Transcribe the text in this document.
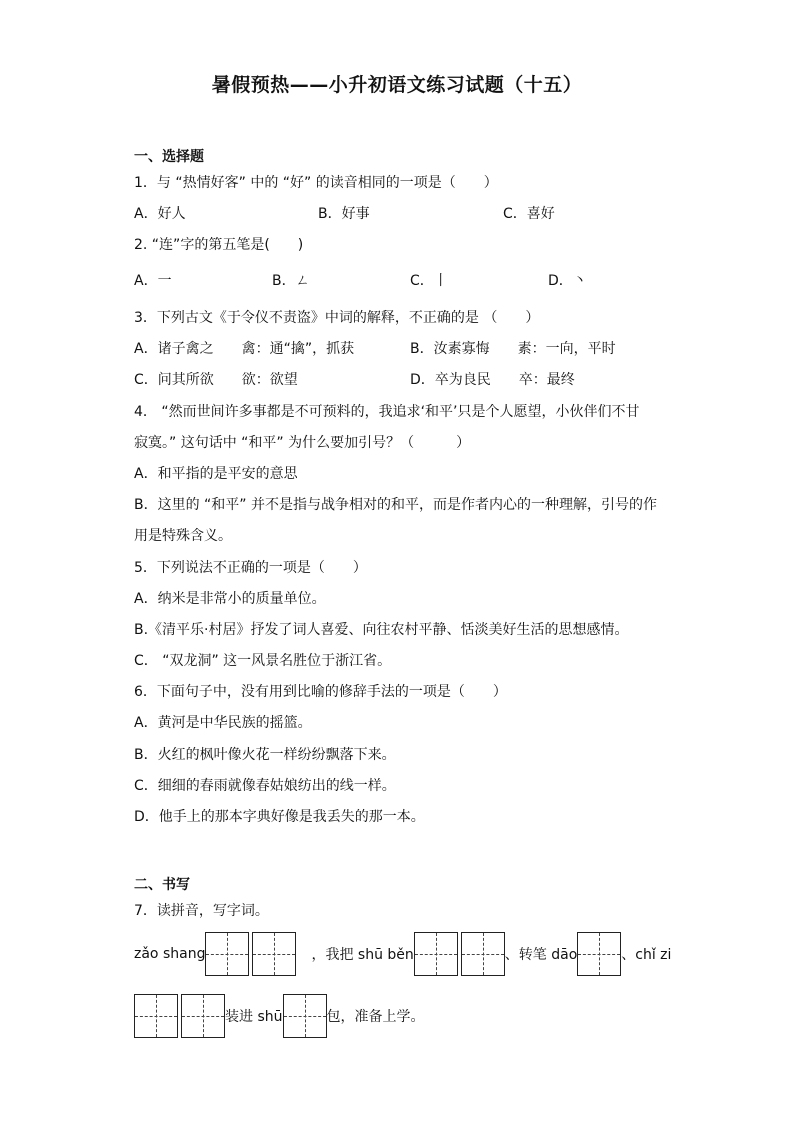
暑假预热——小升初语文练习试题（十五）
一、选择题
1．与 “热情好客” 中的 “好” 的读音相同的一项是（　　）
A．好人	B．好事	C．喜好
2. “连”字的第五笔是(　　)
A．一	B．ㄥ	C．丨	D．丶
3．下列古文《于令仪不责盗》中词的解释，不正确的是 （　　）
A．诸子禽之　　禽：通“擒”，抓获	B．汝素寡悔　　素：一向，平时
C．问其所欲　　欲：欲望	D．卒为良民　　卒：最终
4． “然而世间许多事都是不可预料的，我追求‘和平’只是个人愿望，小伙伴们不甘
寂寞。” 这句话中 “和平” 为什么要加引号？（　　　）
A．和平指的是平安的意思
B．这里的 “和平” 并不是指与战争相对的和平，而是作者内心的一种理解，引号的作
用是特殊含义。
5．下列说法不正确的一项是（　　）
A．纳米是非常小的质量单位。
B.《清平乐·村居》抒发了词人喜爱、向往农村平静、恬淡美好生活的思想感情。
C． “双龙洞” 这一风景名胜位于浙江省。
6．下面句子中，没有用到比喻的修辞手法的一项是（　　）
A．黄河是中华民族的摇篮。
B．火红的枫叶像火花一样纷纷飘落下来。
C．细细的春雨就像春姑娘纺出的线一样。
D．他手上的那本字典好像是我丢失的那一本。
二、书写
7．读拼音，写字词。
zǎo shang	，我把 shū běn	、转笔 dāo	、chǐ zi
装进 shū	包，准备上学。
